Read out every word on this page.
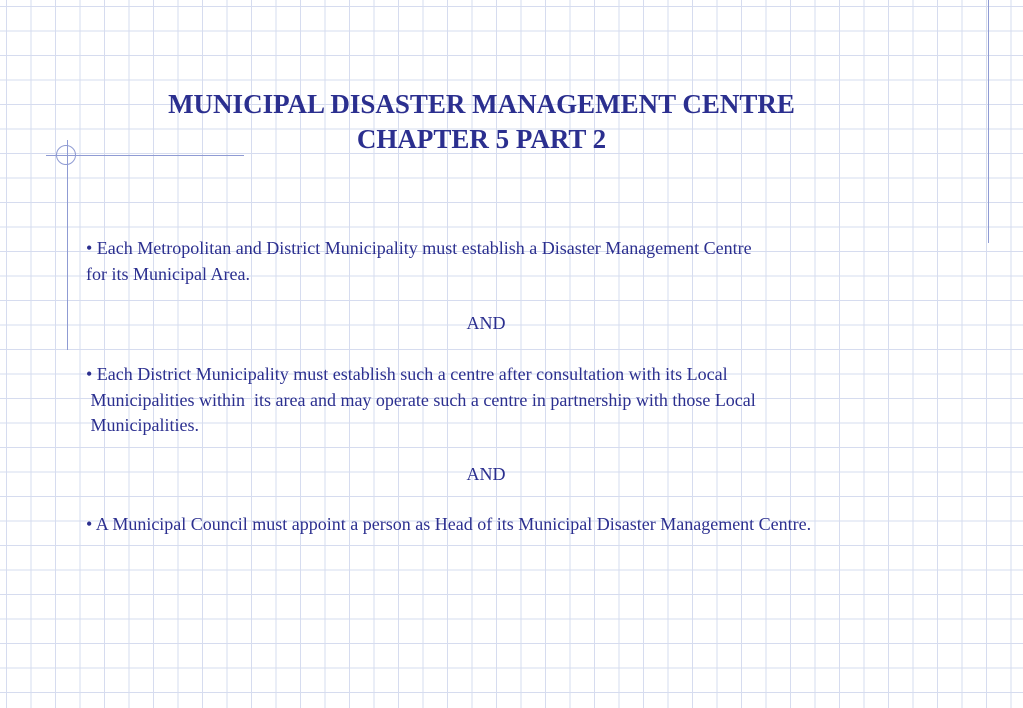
MUNICIPAL DISASTER MANAGEMENT CENTRE
CHAPTER 5 PART 2
• Each Metropolitan and District Municipality must establish a Disaster Management Centre
for its Municipal Area.
AND
• Each District Municipality must establish such a centre after consultation with its Local
Municipalities within  its area and may operate such a centre in partnership with those Local
Municipalities.
AND
• A Municipal Council must appoint a person as Head of its Municipal Disaster Management Centre.
